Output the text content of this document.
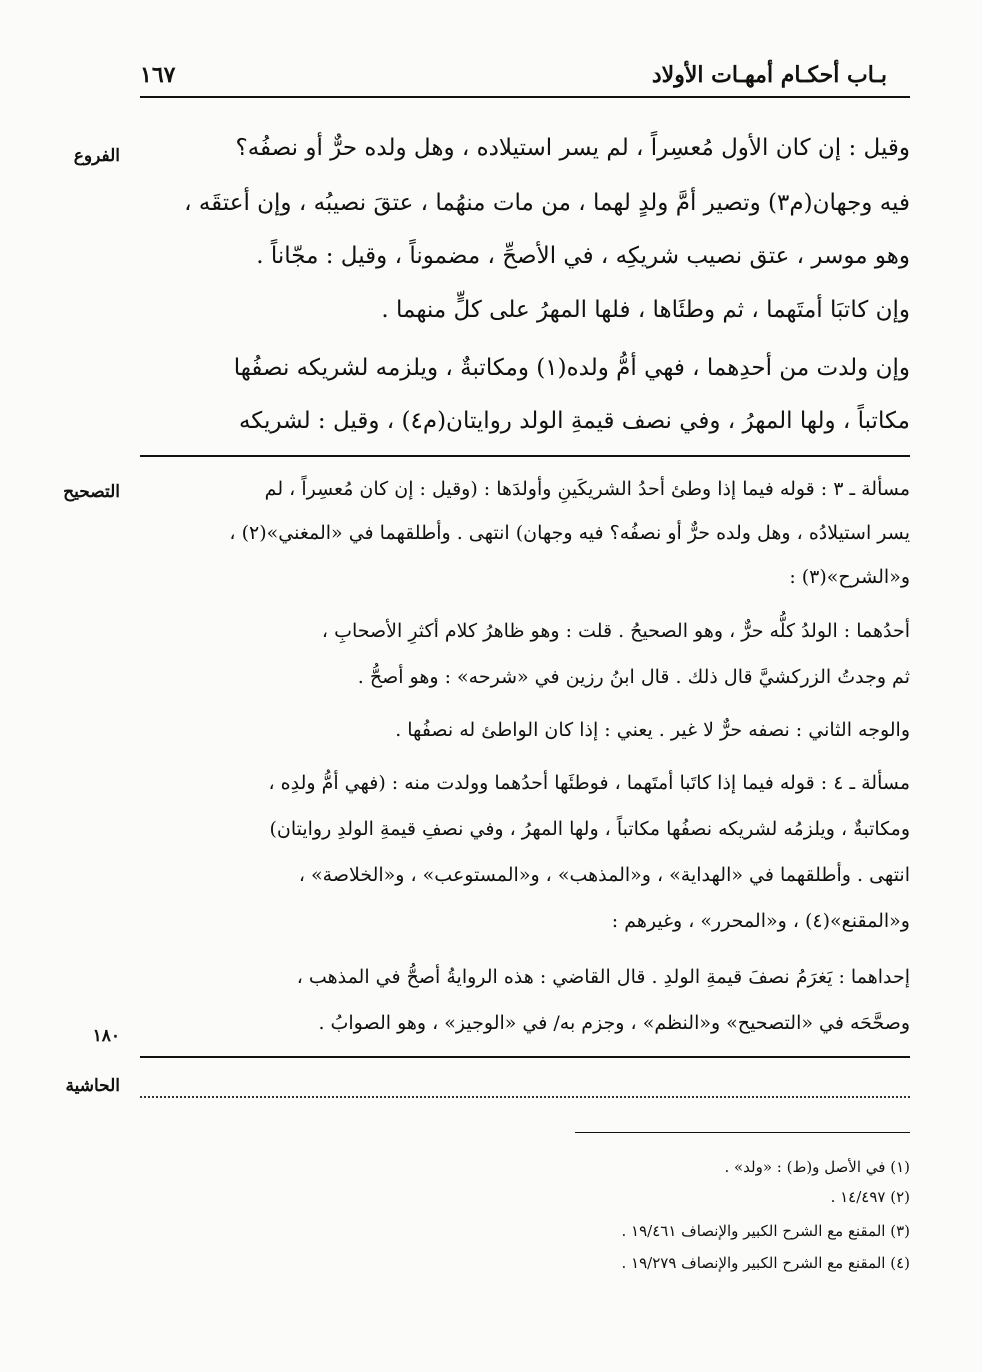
بـاب أحكـام أمهـات الأولاد
١٦٧
الفروع
التصحيح
١٨٠
الحاشية
وقيل : إن كان الأول مُعسِراً ، لم يسر استيلاده ، وهل ولده حرٌّ أو نصفُه؟
فيه وجهان(م٣) وتصير أمَّ ولدٍ لهما ، من مات منهُما ، عتقَ نصيبُه ، وإن أعتقَه ،
وهو موسر ، عتق نصيب شريكِه ، في الأصحِّ ، مضموناً ، وقيل : مجّاناً .
وإن كاتبَا أمتَهما ، ثم وطئَاها ، فلها المهرُ على كلٍّ منهما .
وإن ولدت من أحدِهما ، فهي أمُّ ولده(١) ومكاتبةٌ ، ويلزمه لشريكه نصفُها
مكاتباً ، ولها المهرُ ، وفي نصف قيمةِ الولد روايتان(م٤) ، وقيل : لشريكه
مسألة ـ ٣ : قوله فيما إذا وطئ أحدُ الشريكَينِ وأولدَها : (وقيل : إن كان مُعسِراً ، لم
يسر استيلادُه ، وهل ولده حرٌّ أو نصفُه؟ فيه وجهان) انتهى . وأطلقهما في «المغني»(٢) ،
و«الشرح»(٣) :
أحدُهما : الولدُ كلُّه حرٌّ ، وهو الصحيحُ . قلت : وهو ظاهرُ كلام أكثرِ الأصحابِ ،
ثم وجدتُ الزركشيَّ قال ذلك . قال ابنُ رزين في «شرحه» : وهو أصحُّ .
والوجه الثاني : نصفه حرٌّ لا غير . يعني : إذا كان الواطئ له نصفُها .
مسألة ـ ٤ : قوله فيما إذا كاتَبا أمتَهما ، فوطئَها أحدُهما وولدت منه : (فهي أمُّ ولدِه ،
ومكاتبةٌ ، ويلزمُه لشريكه نصفُها مكاتباً ، ولها المهرُ ، وفي نصفِ قيمةِ الولدِ روايتان)
انتهى . وأطلقهما في «الهداية» ، و«المذهب» ، و«المستوعب» ، و«الخلاصة» ،
و«المقنع»(٤) ، و«المحرر» ، وغيرهم :
إحداهما : يَغرَمُ نصفَ قيمةِ الولدِ . قال القاضي : هذه الروايةُ أصحُّ في المذهب ،
وصحَّحَه في «التصحيح» و«النظم» ، وجزم به/ في «الوجيز» ، وهو الصوابُ .
(١) في الأصل و(ط) : «ولد» .
(٢) ١٤/٤٩٧ .
(٣) المقنع مع الشرح الكبير والإنصاف ١٩/٤٦١ .
(٤) المقنع مع الشرح الكبير والإنصاف ١٩/٢٧٩ .
